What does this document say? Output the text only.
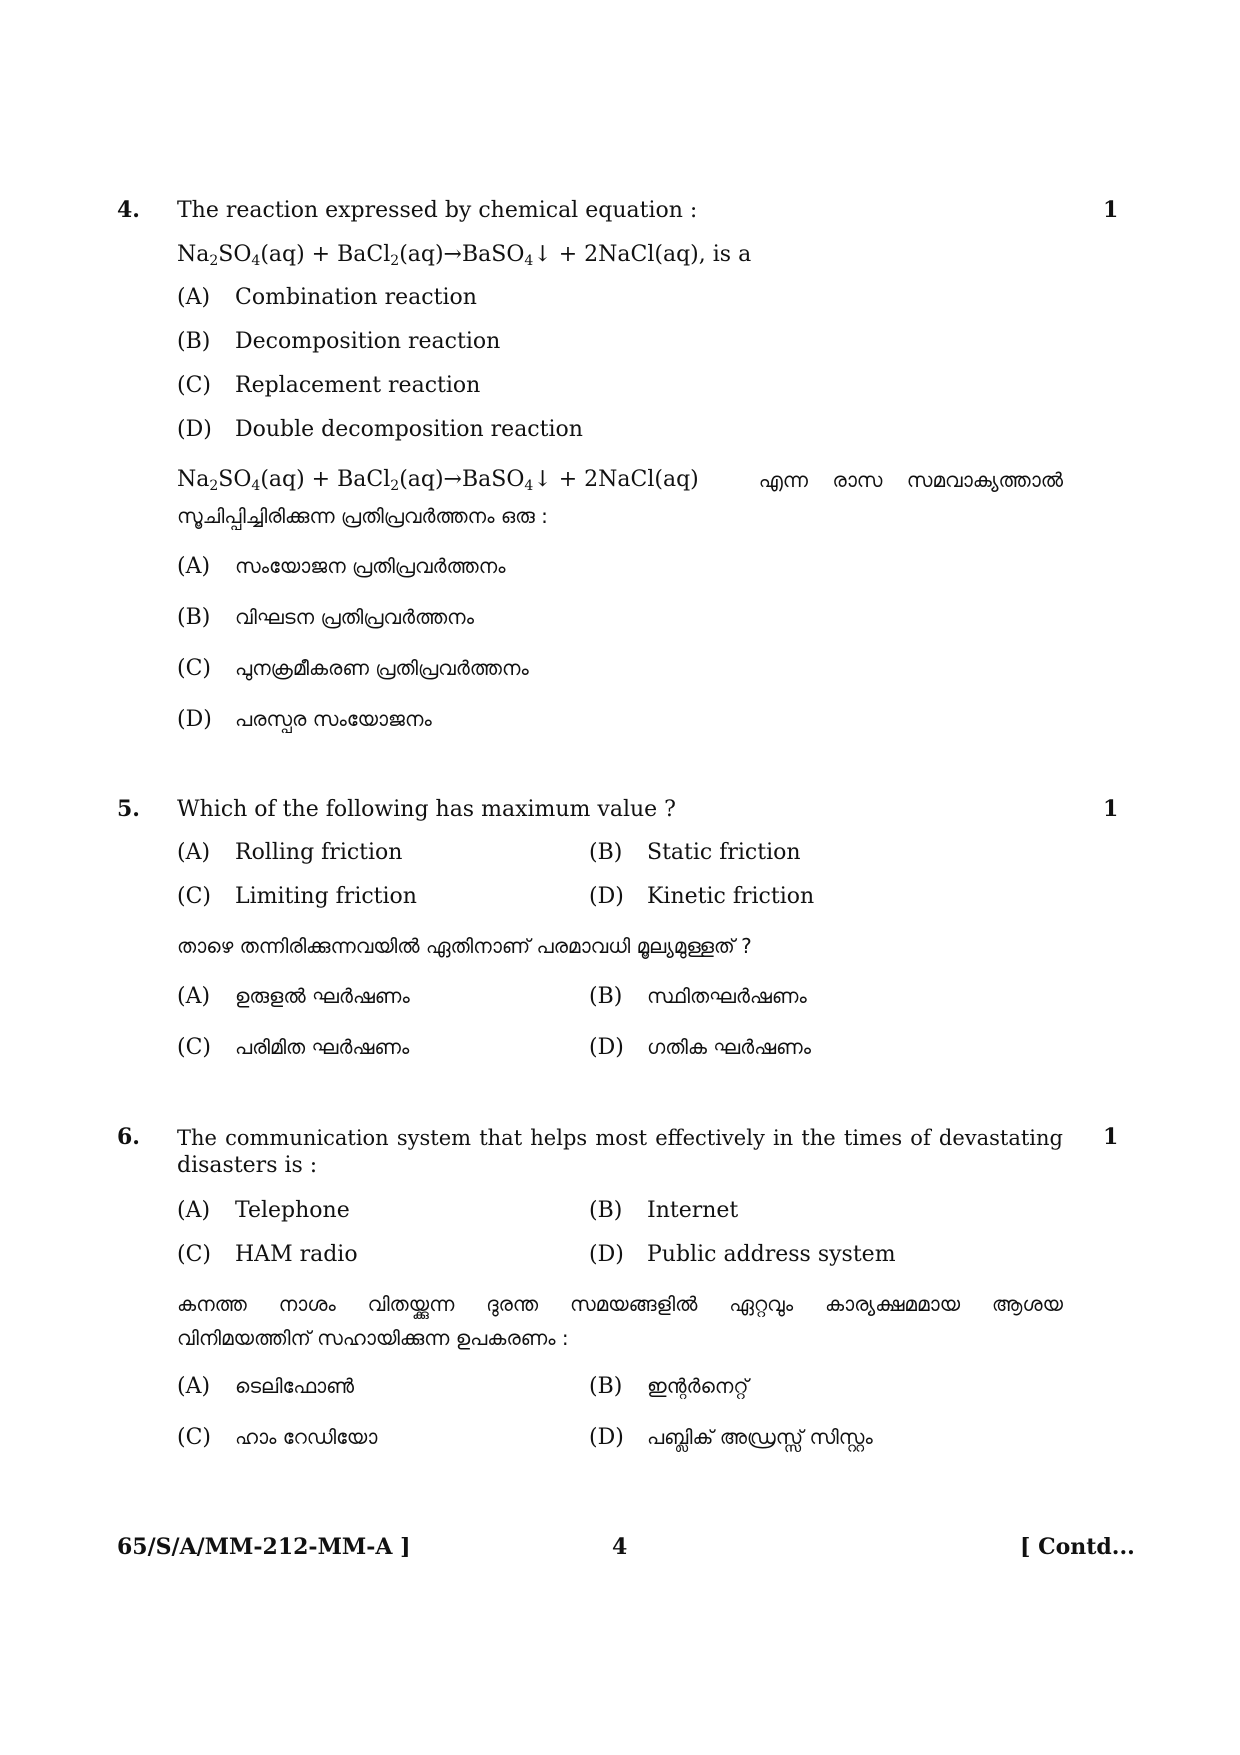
4.	1
The reaction expressed by chemical equation :
$Na_2SO_4(aq)$ + BaCl$_2$(aq)→BaSO$_4$↓ + 2NaCl(aq), is a
(A) Combination reaction
(B) Decomposition reaction
(C) Replacement reaction
(D) Double decomposition reaction
$Na_2SO_4(aq)$ + BaCl$_2$(aq)→BaSO$_4$↓ + 2NaCl(aq)	എന്ന രാസ സമവാക്യത്താൽ
സൂചിപ്പിച്ചിരിക്കുന്ന പ്രതിപ്രവർത്തനം ഒരു :
(A) സംയോജന പ്രതിപ്രവർത്തനം
(B) വിഘടന പ്രതിപ്രവർത്തനം
(C) പുനക്രമീകരണ പ്രതിപ്രവർത്തനം
(D) പരസ്പര സംയോജനം
5.	1
Which of the following has maximum value ?
(A) Rolling friction	(B) Static friction
(C) Limiting friction	(D) Kinetic friction
താഴെ തന്നിരിക്കുന്നവയിൽ ഏതിനാണ് പരമാവധി മൂല്യമുള്ളത് ?
(A) ഉരുളൽ ഘർഷണം	(B) സ്ഥിതഘർഷണം
(C) പരിമിത ഘർഷണം	(D) ഗതിക ഘർഷണം
6.	1
The communication system that helps most effectively in the times of devastating
disasters is :
(A) Telephone	(B) Internet
(C) HAM radio	(D) Public address system
കനത്ത നാശം വിതയ്ക്കുന്ന ദുരന്ത സമയങ്ങളിൽ ഏറ്റവും കാര്യക്ഷമമായ ആശയ
വിനിമയത്തിന് സഹായിക്കുന്ന ഉപകരണം :
(A) ടെലിഫോൺ	(B) ഇന്റർനെറ്റ്
(C) ഹാം റേഡിയോ	(D) പബ്ലിക് അഡ്രസ്സ് സിസ്റ്റം
65/S/A/MM-212-MM-A ]	4	[ Contd...
